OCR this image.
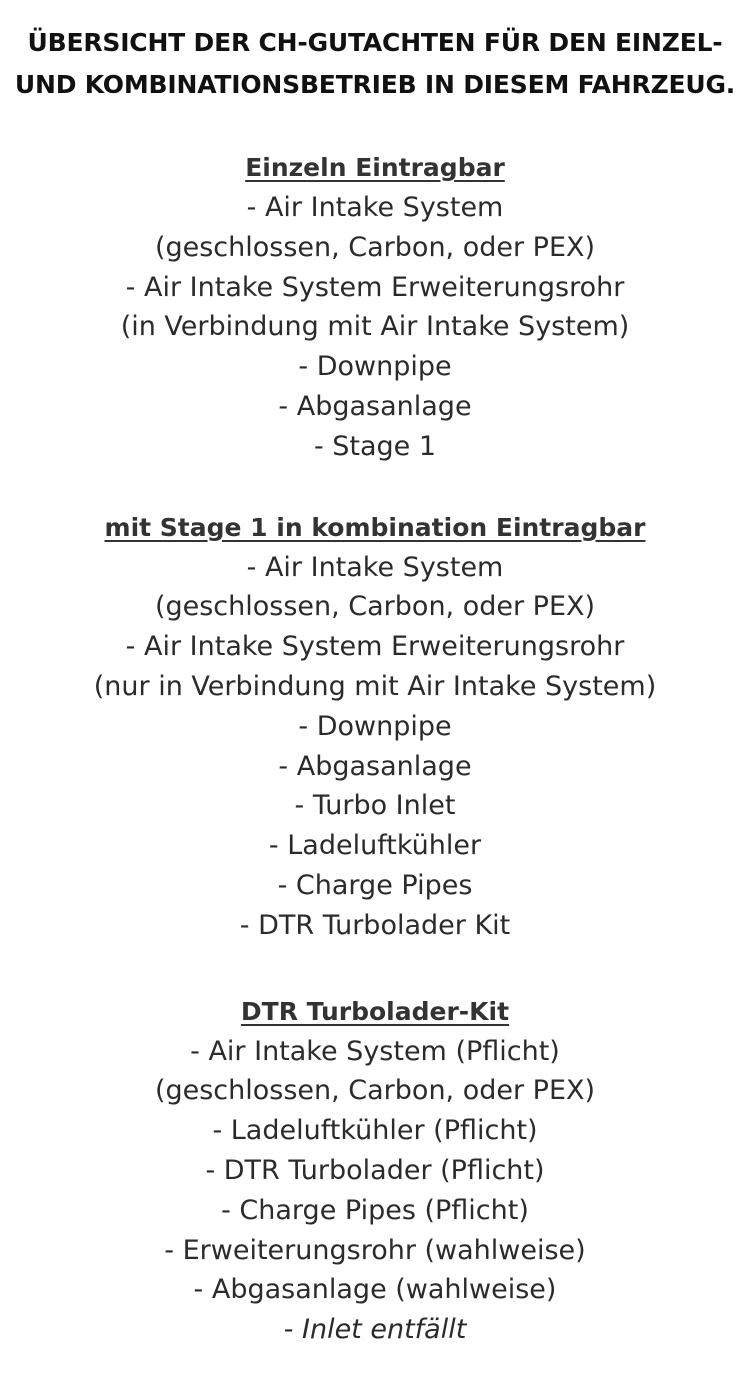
ÜBERSICHT DER CH-GUTACHTEN FÜR DEN EINZEL-
UND KOMBINATIONSBETRIEB IN DIESEM FAHRZEUG.
Einzeln Eintragbar
- Air Intake System
(geschlossen, Carbon, oder PEX)
- Air Intake System Erweiterungsrohr
(in Verbindung mit Air Intake System)
- Downpipe
- Abgasanlage
- Stage 1
mit Stage 1 in kombination Eintragbar
- Air Intake System
(geschlossen, Carbon, oder PEX)
- Air Intake System Erweiterungsrohr
(nur in Verbindung mit Air Intake System)
- Downpipe
- Abgasanlage
- Turbo Inlet
- Ladeluftkühler
- Charge Pipes
- DTR Turbolader Kit
DTR Turbolader-Kit
- Air Intake System (Pflicht)
(geschlossen, Carbon, oder PEX)
- Ladeluftkühler (Pflicht)
- DTR Turbolader (Pflicht)
- Charge Pipes (Pflicht)
- Erweiterungsrohr (wahlweise)
- Abgasanlage (wahlweise)
- Inlet entfällt
